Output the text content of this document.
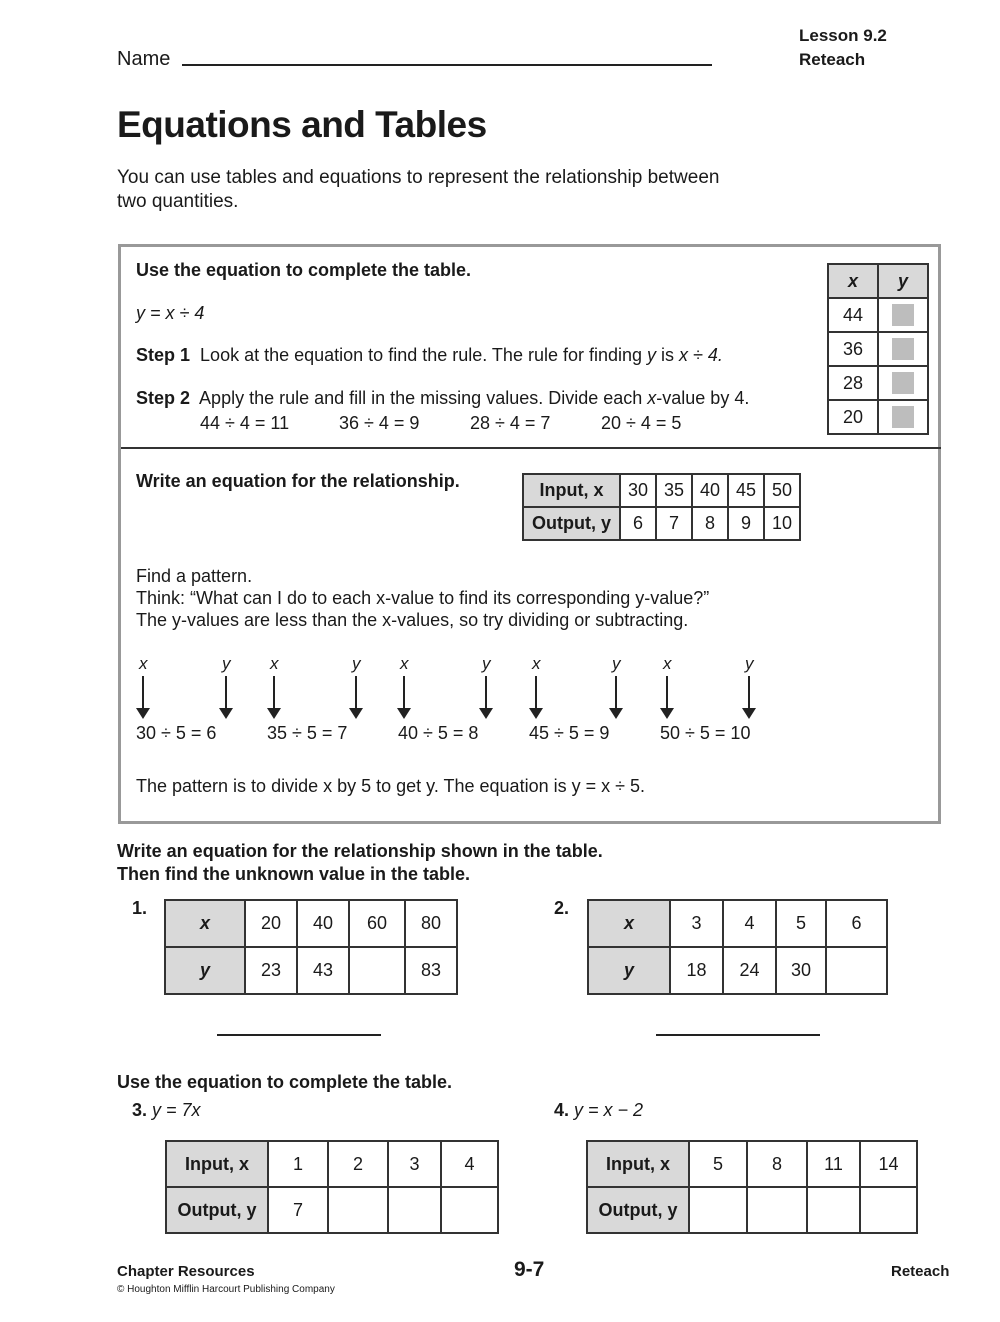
Name
Lesson 9.2
Reteach
Equations and Tables
You can use tables and equations to represent the relationship between
two quantities.
Use the equation to complete the table.
y = x ÷ 4
Step 1 Look at the equation to find the rule. The rule for finding y is x ÷ 4.
Step 2 Apply the rule and fill in the missing values. Divide each x-value by 4.
44 ÷ 4 = 11	36 ÷ 4 = 9	28 ÷ 4 = 7	20 ÷ 4 = 5
x	y
44	
36	
28	
20	
Write an equation for the relationship.	Input, x	30	35	40	45	50
Output, y	6	7	8	9	10
Find a pattern.
Think: “What can I do to each x-value to find its corresponding y-value?”
The y-values are less than the x-values, so try dividing or subtracting.
x	y x	y x	y x	y	x	y
30 ÷ 5 = 6	35 ÷ 5 = 7	40 ÷ 5 = 8	45 ÷ 5 = 9	50 ÷ 5 = 10
The pattern is to divide x by 5 to get y. The equation is y = x ÷ 5.
Write an equation for the relationship shown in the table.
Then find the unknown value in the table.
1.
x	20	40	60	80
y	23	43		83
2.
x	3	4	5	6
y	18	24	30	
Use the equation to complete the table.
3. y = 7x
Input, x	1	2	3	4
Output, y	7			
4. y = x − 2
Input, x	5	8	11	14
Output, y				
Chapter Resources
© Houghton Mifflin Harcourt Publishing Company
9-7	Reteach
